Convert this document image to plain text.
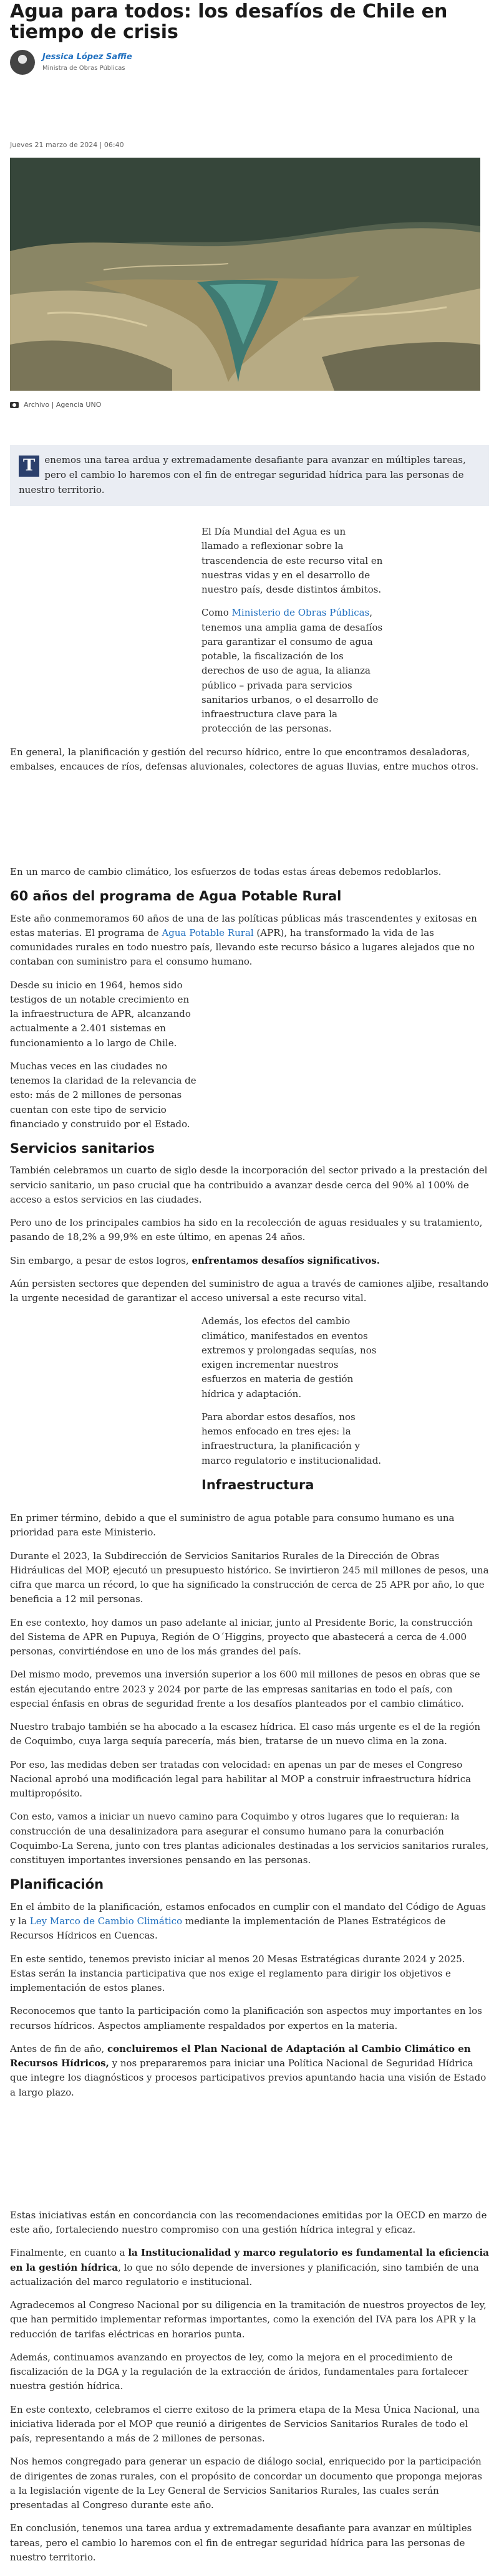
Agua para todos: los desafíos de Chile en tiempo de crisis
Jessica López Saffie
Ministra de Obras Públicas
Jueves 21 marzo de 2024 | 06:40
Archivo | Agencia UNO
T	enemos una tarea ardua y extremadamente desafiante para avanzar en múltiples tareas, pero el cambio lo haremos con el fin de entregar seguridad hídrica para las personas de nuestro territorio.

El Día Mundial del Agua es un llamado a reflexionar sobre la trascendencia de este recurso vital en nuestras vidas y en el desarrollo de nuestro país, desde distintos ámbitos.

Como Ministerio de Obras Públicas, tenemos una amplia gama de desafíos para garantizar el consumo de agua potable, la fiscalización de los derechos de uso de agua, la alianza público – privada para servicios sanitarios urbanos, o el desarrollo de infraestructura clave para la protección de las personas.

En general, la planificación y gestión del recurso hídrico, entre lo que encontramos desaladoras, embalses, encauces de ríos, defensas aluvionales, colectores de aguas lluvias, entre muchos otros.

En un marco de cambio climático, los esfuerzos de todas estas áreas debemos redoblarlos.

60 años del programa de Agua Potable Rural

Este año conmemoramos 60 años de una de las políticas públicas más trascendentes y exitosas en estas materias. El programa de Agua Potable Rural (APR), ha transformado la vida de las comunidades rurales en todo nuestro país, llevando este recurso básico a lugares alejados que no contaban con suministro para el consumo humano.

Desde su inicio en 1964, hemos sido testigos de un notable crecimiento en la infraestructura de APR, alcanzando actualmente a 2.401 sistemas en funcionamiento a lo largo de Chile.

Muchas veces en las ciudades no tenemos la claridad de la relevancia de esto: más de 2 millones de personas cuentan con este tipo de servicio financiado y construido por el Estado.

Servicios sanitarios

También celebramos un cuarto de siglo desde la incorporación del sector privado a la prestación del servicio sanitario, un paso crucial que ha contribuido a avanzar desde cerca del 90% al 100% de acceso a estos servicios en las ciudades.

Pero uno de los principales cambios ha sido en la recolección de aguas residuales y su tratamiento, pasando de 18,2% a 99,9% en este último, en apenas 24 años.

Sin embargo, a pesar de estos logros, enfrentamos desafíos significativos.

Aún persisten sectores que dependen del suministro de agua a través de camiones aljibe, resaltando la urgente necesidad de garantizar el acceso universal a este recurso vital.

Además, los efectos del cambio climático, manifestados en eventos extremos y prolongadas sequías, nos exigen incrementar nuestros esfuerzos en materia de gestión hídrica y adaptación.

Para abordar estos desafíos, nos hemos enfocado en tres ejes: la infraestructura, la planificación y marco regulatorio e institucionalidad.

Infraestructura

En primer término, debido a que el suministro de agua potable para consumo humano es una prioridad para este Ministerio.

Durante el 2023, la Subdirección de Servicios Sanitarios Rurales de la Dirección de Obras Hidráulicas del MOP, ejecutó un presupuesto histórico. Se invirtieron 245 mil millones de pesos, una cifra que marca un récord, lo que ha significado la construcción de cerca de 25 APR por año, lo que beneficia a 12 mil personas.

En ese contexto, hoy damos un paso adelante al iniciar, junto al Presidente Boric, la construcción del Sistema de APR en Pupuya, Región de O´Higgins, proyecto que abastecerá a cerca de 4.000 personas, convirtiéndose en uno de los más grandes del país.

Del mismo modo, prevemos una inversión superior a los 600 mil millones de pesos en obras que se están ejecutando entre 2023 y 2024 por parte de las empresas sanitarias en todo el país, con especial énfasis en obras de seguridad frente a los desafíos planteados por el cambio climático.

Nuestro trabajo también se ha abocado a la escasez hídrica. El caso más urgente es el de la región de Coquimbo, cuya larga sequía parecería, más bien, tratarse de un nuevo clima en la zona.

Por eso, las medidas deben ser tratadas con velocidad: en apenas un par de meses el Congreso Nacional aprobó una modificación legal para habilitar al MOP a construir infraestructura hídrica multipropósito.

Con esto, vamos a iniciar un nuevo camino para Coquimbo y otros lugares que lo requieran: la construcción de una desalinizadora para asegurar el consumo humano para la conurbación Coquimbo-La Serena, junto con tres plantas adicionales destinadas a los servicios sanitarios rurales, constituyen importantes inversiones pensando en las personas.

Planificación

En el ámbito de la planificación, estamos enfocados en cumplir con el mandato del Código de Aguas y la Ley Marco de Cambio Climático mediante la implementación de Planes Estratégicos de Recursos Hídricos en Cuencas.

En este sentido, tenemos previsto iniciar al menos 20 Mesas Estratégicas durante 2024 y 2025. Estas serán la instancia participativa que nos exige el reglamento para dirigir los objetivos e implementación de estos planes.

Reconocemos que tanto la participación como la planificación son aspectos muy importantes en los recursos hídricos. Aspectos ampliamente respaldados por expertos en la materia.

Antes de fin de año, concluiremos el Plan Nacional de Adaptación al Cambio Climático en Recursos Hídricos, y nos prepararemos para iniciar una Política Nacional de Seguridad Hídrica que integre los diagnósticos y procesos participativos previos apuntando hacia una visión de Estado a largo plazo.

Estas iniciativas están en concordancia con las recomendaciones emitidas por la OECD en marzo de este año, fortaleciendo nuestro compromiso con una gestión hídrica integral y eficaz.

Finalmente, en cuanto a la Institucionalidad y marco regulatorio es fundamental la eficiencia en la gestión hídrica, lo que no sólo depende de inversiones y planificación, sino también de una actualización del marco regulatorio e institucional.

Agradecemos al Congreso Nacional por su diligencia en la tramitación de nuestros proyectos de ley, que han permitido implementar reformas importantes, como la exención del IVA para los APR y la reducción de tarifas eléctricas en horarios punta.

Además, continuamos avanzando en proyectos de ley, como la mejora en el procedimiento de fiscalización de la DGA y la regulación de la extracción de áridos, fundamentales para fortalecer nuestra gestión hídrica.

En este contexto, celebramos el cierre exitoso de la primera etapa de la Mesa Única Nacional, una iniciativa liderada por el MOP que reunió a dirigentes de Servicios Sanitarios Rurales de todo el país, representando a más de 2 millones de personas.

Nos hemos congregado para generar un espacio de diálogo social, enriquecido por la participación de dirigentes de zonas rurales, con el propósito de concordar un documento que proponga mejoras a la legislación vigente de la Ley General de Servicios Sanitarios Rurales, las cuales serán presentadas al Congreso durante este año.

En conclusión, tenemos una tarea ardua y extremadamente desafiante para avanzar en múltiples tareas, pero el cambio lo haremos con el fin de entregar seguridad hídrica para las personas de nuestro territorio.
